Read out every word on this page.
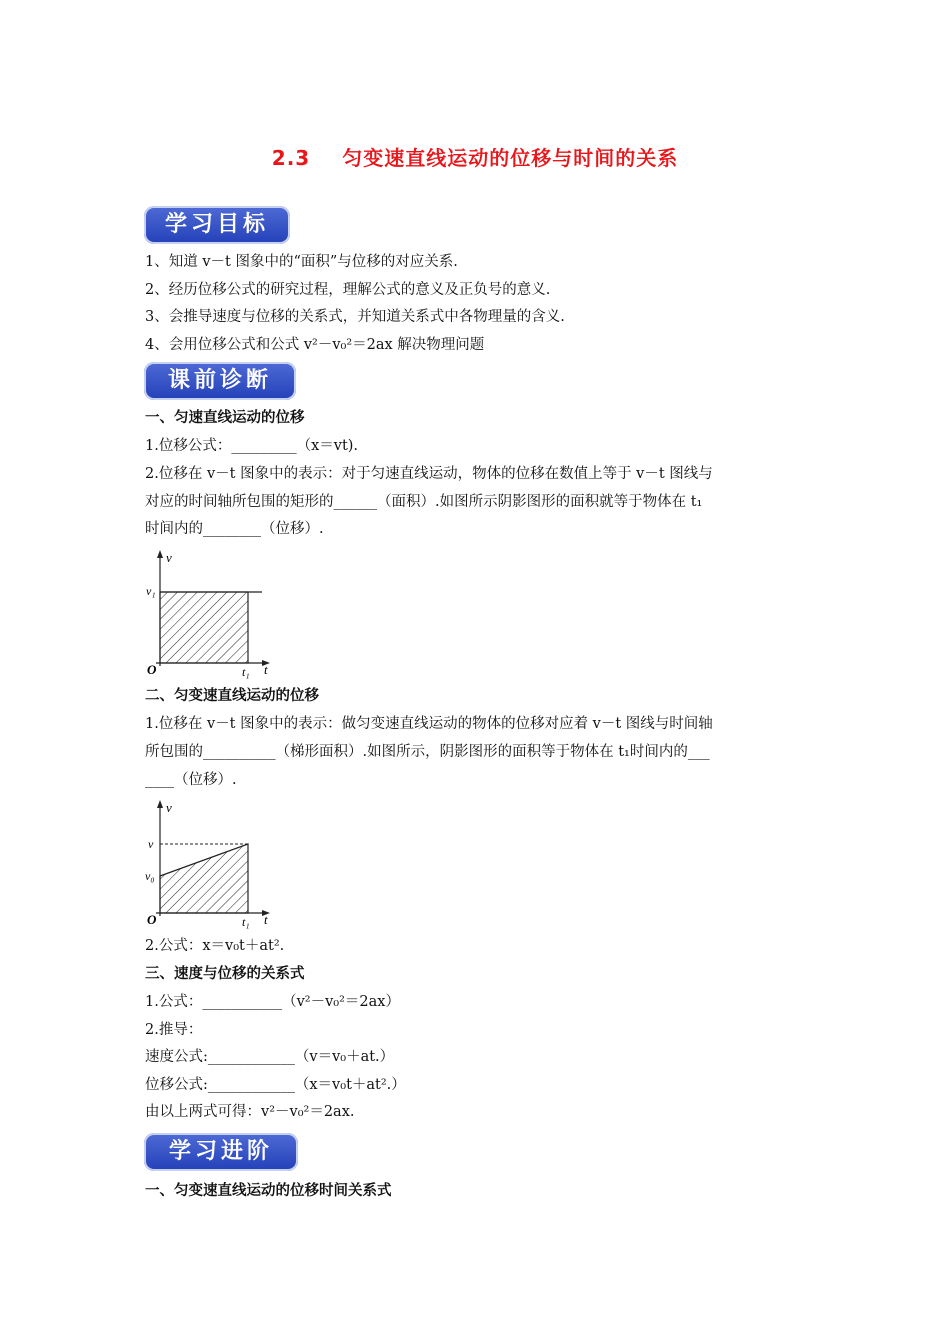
2.3 匀变速直线运动的位移与时间的关系
学习目标
1、知道 v－t 图象中的“面积”与位移的对应关系.
2、经历位移公式的研究过程，理解公式的意义及正负号的意义.
3、会推导速度与位移的关系式，并知道关系式中各物理量的含义.
4、会用位移公式和公式 v²－v₀²＝2ax 解决物理问题
课前诊断
一、匀速直线运动的位移
1.位移公式：_________（x＝vt).
2.位移在 v－t 图象中的表示：对于匀速直线运动，物体的位移在数值上等于 v－t 图线与
对应的时间轴所包围的矩形的______（面积）.如图所示阴影图形的面积就等于物体在 t₁
时间内的________（位移）.
v
v₁
O	t₁ t
二、匀变速直线运动的位移
1.位移在 v－t 图象中的表示：做匀变速直线运动的物体的位移对应着 v－t 图线与时间轴
所包围的__________（梯形面积）.如图所示，阴影图形的面积等于物体在 t₁时间内的___
____（位移）.
v
v
v₀
O	t₁ t
2.公式：x＝v₀t＋at².
三、速度与位移的关系式
1.公式：___________（v²－v₀²＝2ax）
2.推导：
速度公式:____________（v＝v₀＋at.）
位移公式:____________（x＝v₀t＋at².）
由以上两式可得：v²－v₀²＝2ax.
学习进阶
一、匀变速直线运动的位移时间关系式
